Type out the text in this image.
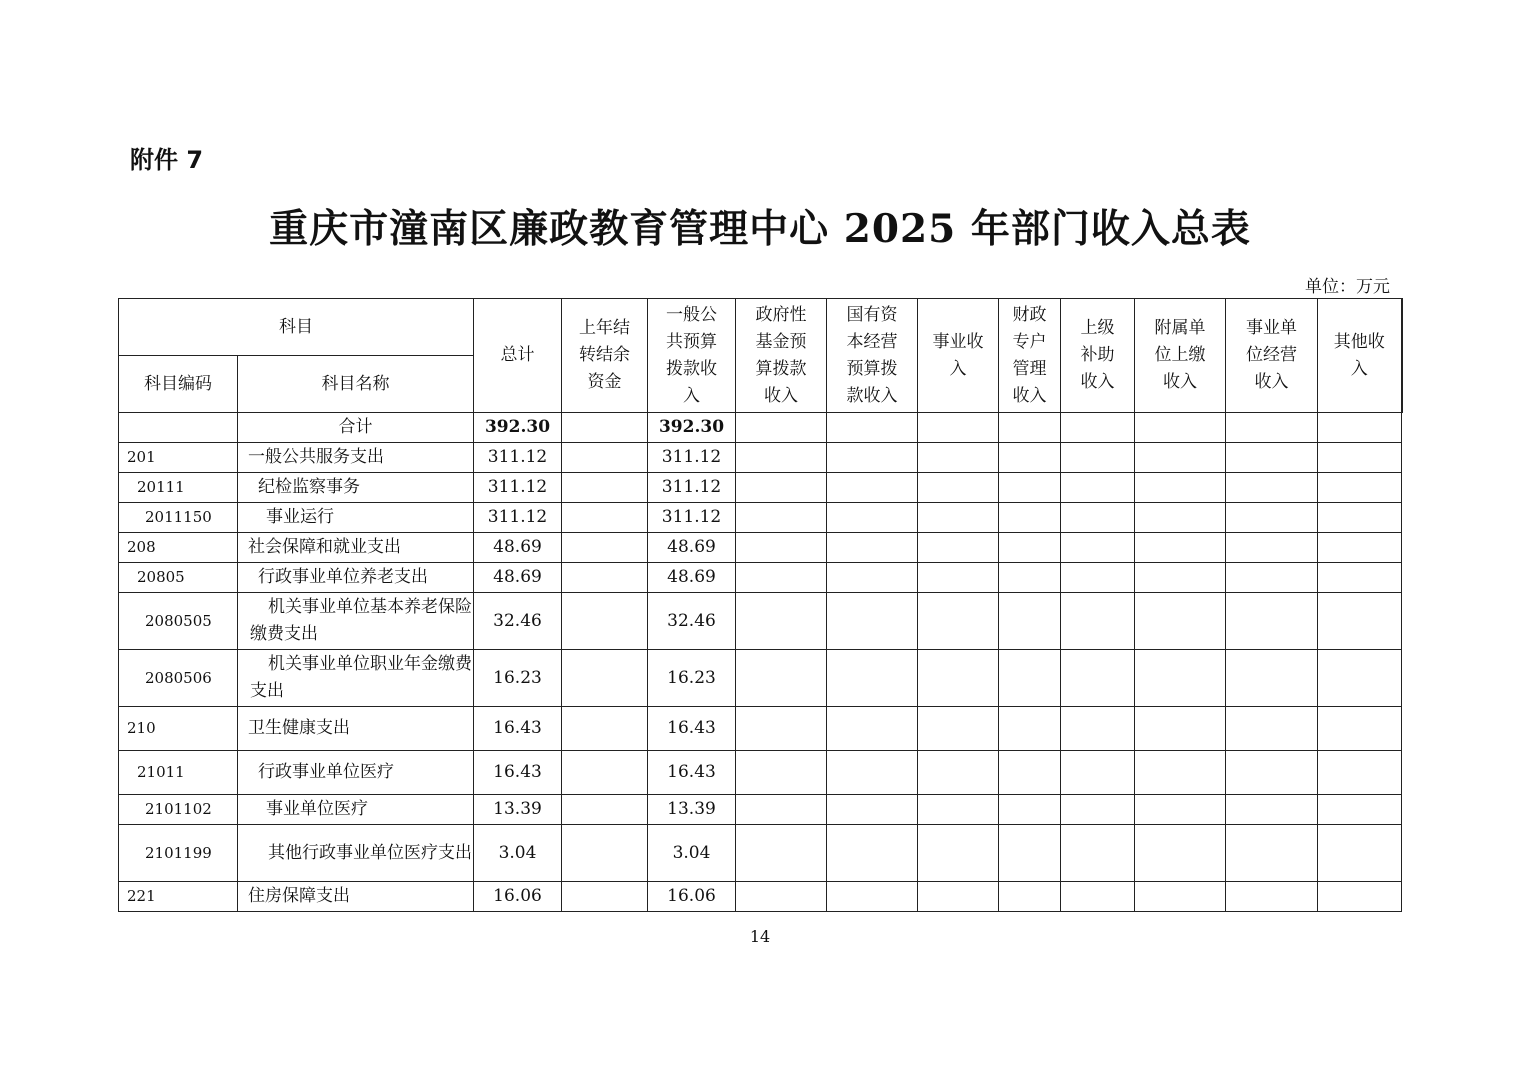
附件 7
重庆市潼南区廉政教育管理中心 2025 年部门收入总表
单位：万元
科目		总计	上年结转结余资金	一般公共预算拨款收入	政府性基金预算拨款收入	国有资本经营预算拨款收入	事业收入	财政专户管理收入	上级补助收入	附属单位上缴收入	事业单位经营收入	其他收入
科目编码	科目名称											
	合计	392.30		392.30								
201	一般公共服务支出	311.12		311.12								
20111	纪检监察事务	311.12		311.12								
2011150	事业运行	311.12		311.12								
208	社会保障和就业支出	48.69		48.69								
20805	行政事业单位养老支出	48.69		48.69								
2080505	机关事业单位基本养老保险缴费支出	32.46		32.46								
2080506	机关事业单位职业年金缴费支出	16.23		16.23								
210	卫生健康支出	16.43		16.43								
21011	行政事业单位医疗	16.43		16.43								
2101102	事业单位医疗	13.39		13.39								
2101199	其他行政事业单位医疗支出	3.04		3.04								
221	住房保障支出	16.06		16.06								
14
